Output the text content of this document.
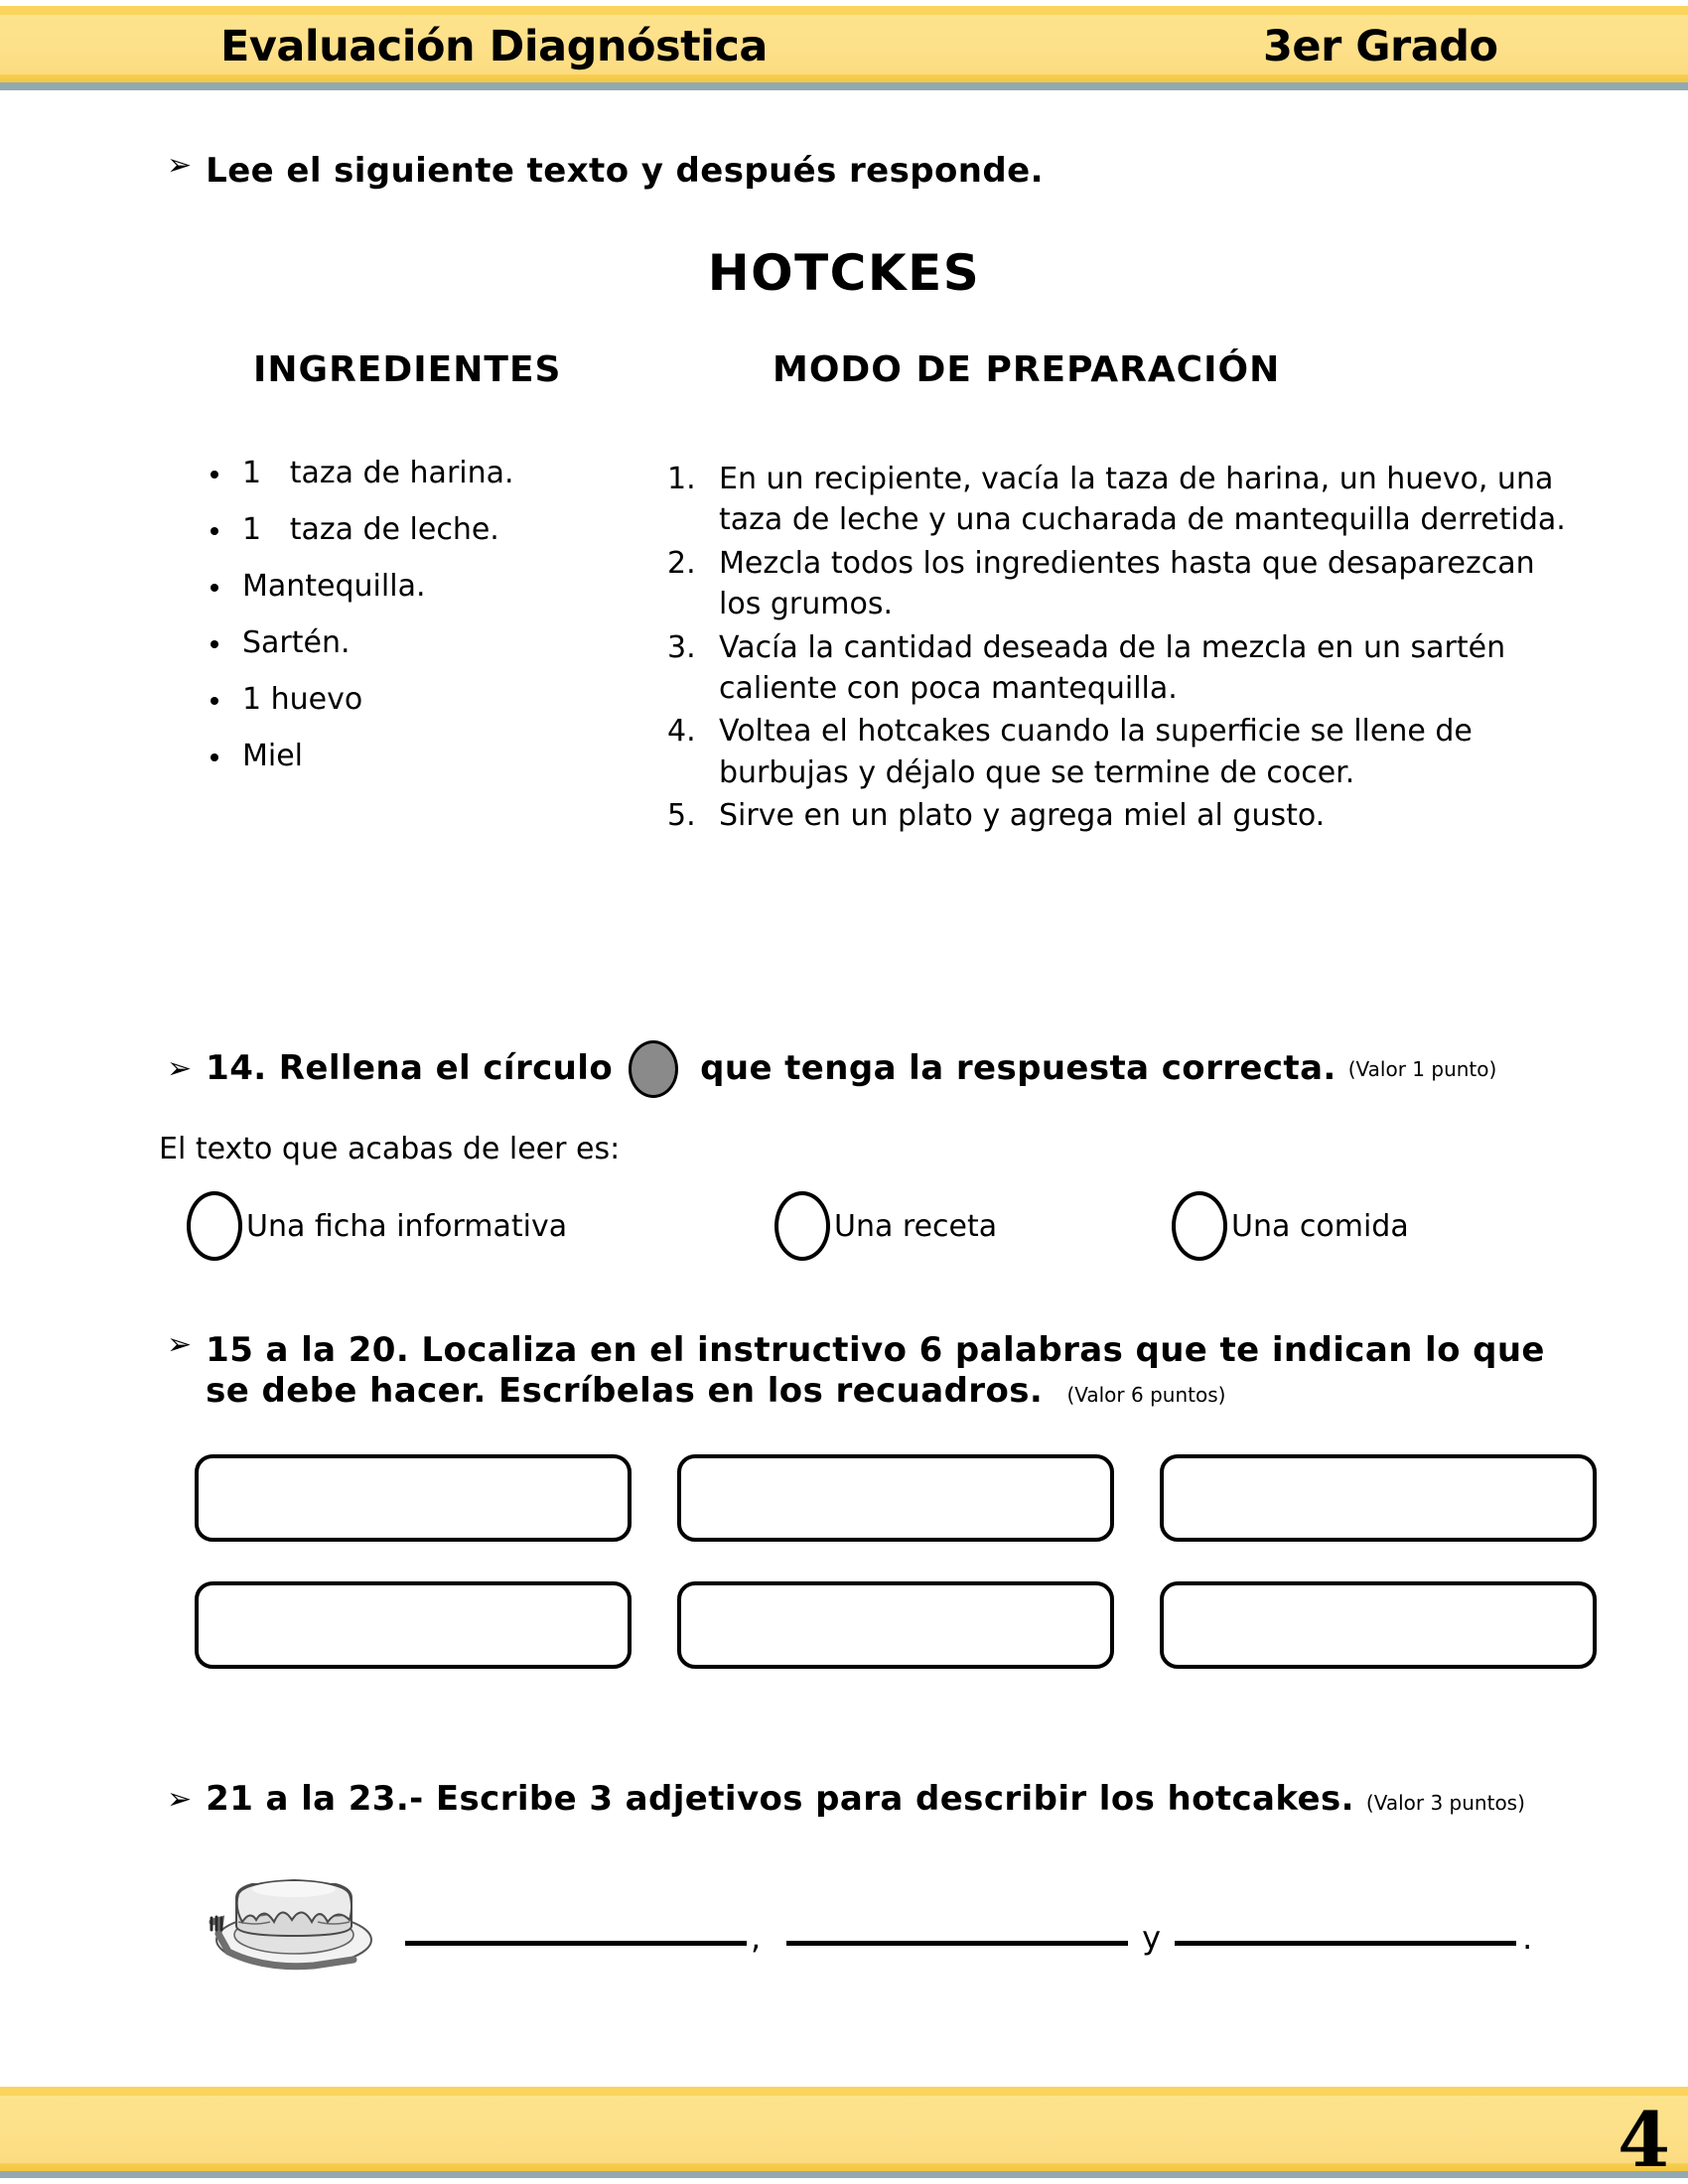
Evaluación Diagnóstica	3er Grado
➢ Lee el siguiente texto y después responde.
HOTCKES
INGREDIENTES	MODO DE PREPARACIÓN
1   taza de harina.
1   taza de leche.
Mantequilla.
Sartén.
1 huevo
Miel
1. En un recipiente, vacía la taza de harina, un huevo, una taza de leche y una cucharada de mantequilla derretida.
2. Mezcla todos los ingredientes hasta que desaparezcan los grumos.
3. Vacía la cantidad deseada de la mezcla en un sartén caliente con poca mantequilla.
4. Voltea el hotcakes cuando la superficie se llene de burbujas y déjalo que se termine de cocer.
5. Sirve en un plato y agrega miel al gusto.
➢ 14. Rellena el círculo	que tenga la respuesta correcta. (Valor 1 punto)
El texto que acabas de leer es:
Una ficha informativa	Una receta	Una comida
➢ 15 a la 20. Localiza en el instructivo 6 palabras que te indican lo que se debe hacer. Escríbelas en los recuadros. (Valor 6 puntos)
➢ 21 a la 23.- Escribe 3 adjetivos para describir los hotcakes. (Valor 3 puntos)
,	y	.
4
